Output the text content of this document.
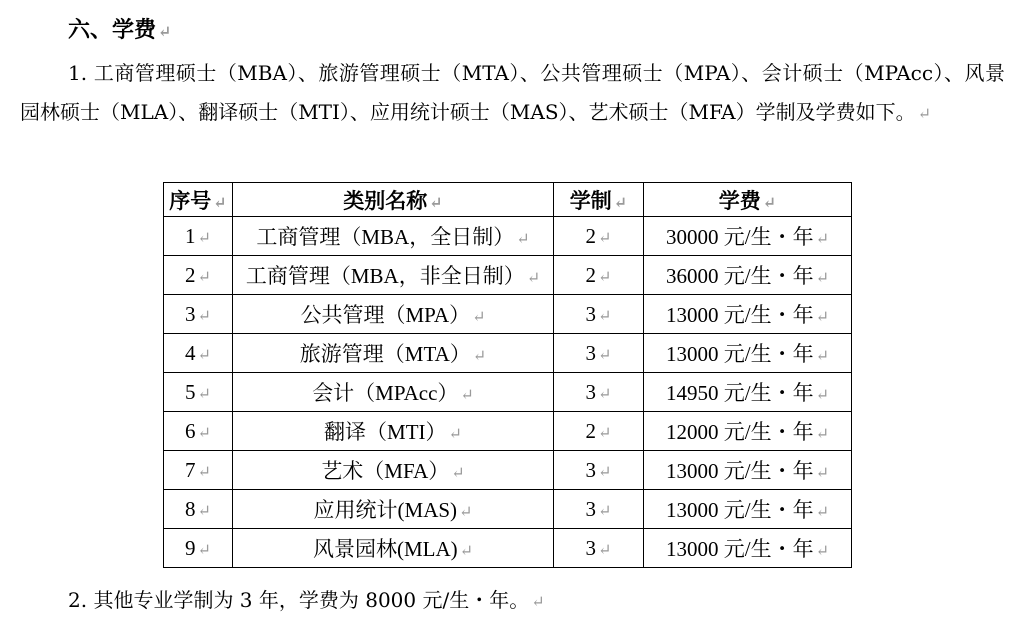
六、学费 ↵
1. 工商管理硕士（MBA）、旅游管理硕士（MTA）、公共管理硕士（MPA）、会计硕士（MPAcc）、风景园林硕士（MLA）、翻译硕士（MTI）、应用统计硕士（MAS）、艺术硕士（MFA）学制及学费如下。 ↵
序号 ↵	类别名称 ↵	学制 ↵	学费 ↵
1 ↵	工商管理（MBA，全日制） ↵	2 ↵	30000 元/生・年 ↵
2 ↵	工商管理（MBA，非全日制） ↵	2 ↵	36000 元/生・年 ↵
3 ↵	公共管理（MPA） ↵	3 ↵	13000 元/生・年 ↵
4 ↵	旅游管理（MTA） ↵	3 ↵	13000 元/生・年 ↵
5 ↵	会计（MPAcc） ↵	3 ↵	14950 元/生・年 ↵
6 ↵	翻译（MTI） ↵	2 ↵	12000 元/生・年 ↵
7 ↵	艺术（MFA） ↵	3 ↵	13000 元/生・年 ↵
8 ↵	应用统计(MAS) ↵	3 ↵	13000 元/生・年 ↵
9 ↵	风景园林(MLA) ↵	3 ↵	13000 元/生・年 ↵
2. 其他专业学制为 3 年，学费为 8000 元/生・年。 ↵
